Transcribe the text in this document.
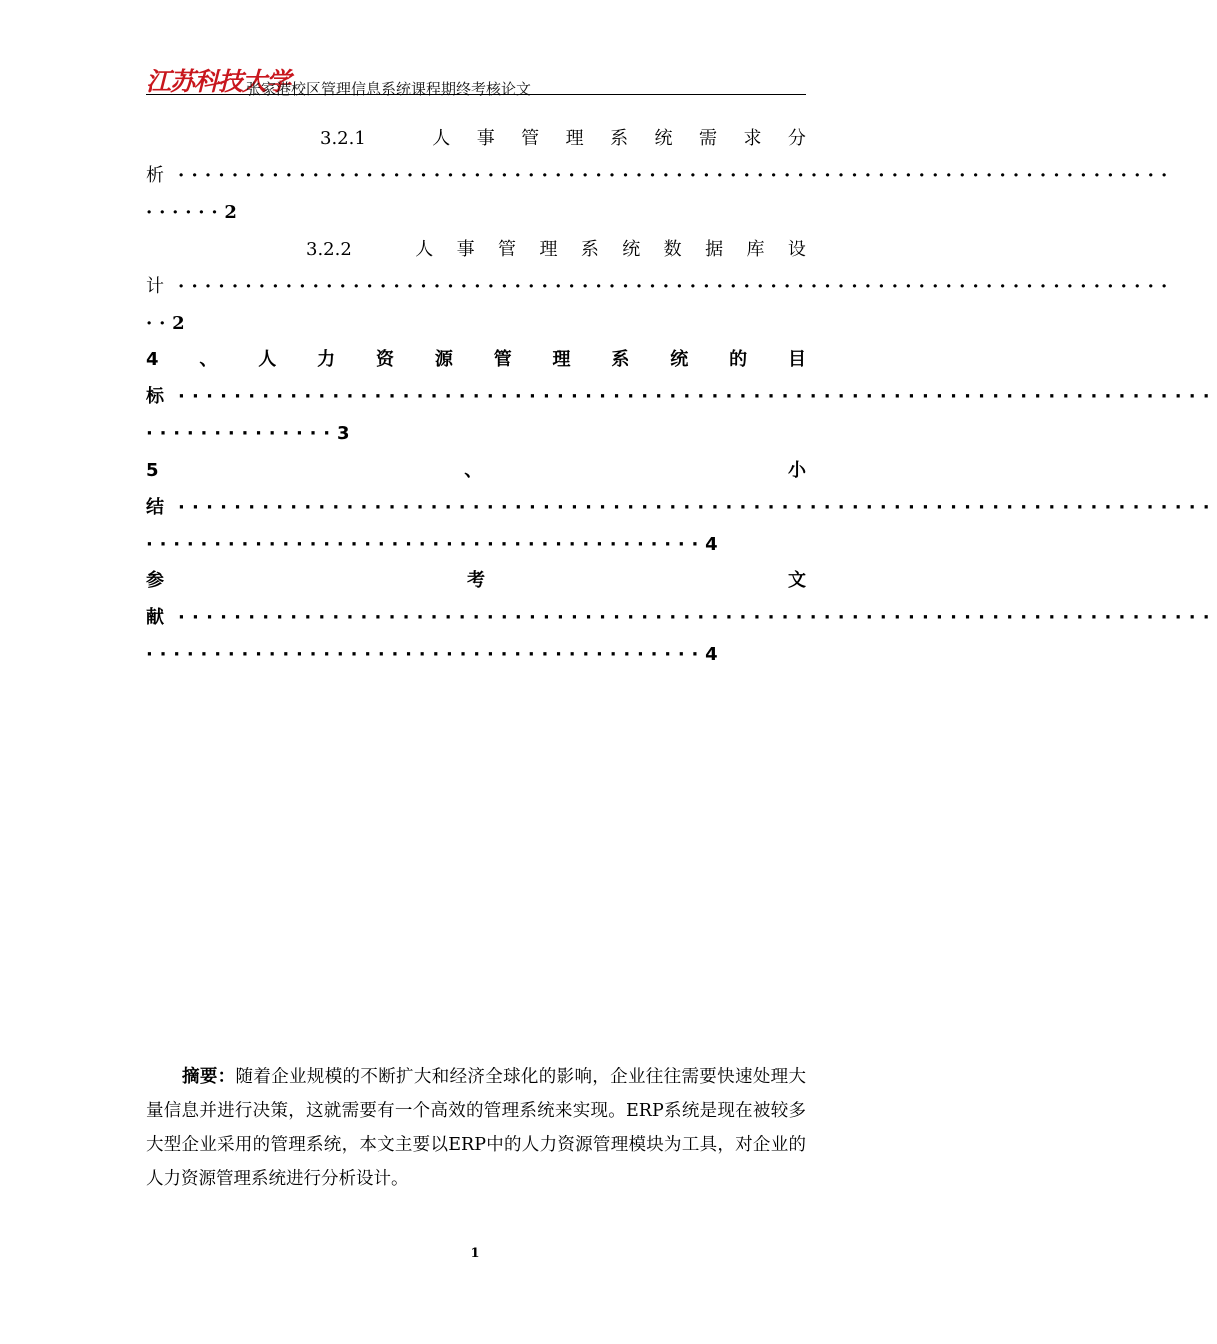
江苏科技大学
张家港校区管理信息系统课程期终考核论文
3.2.1	人 事 管 理 系 统 需 求 分
析 ··········································································
······2
3.2.2	人 事 管 理 系 统 数 据 库 设
计 ··········································································
··2
4 、 人 力 资 源 管 理 系 统 的 目
标 ··········································································
··············3
5	、	小
结 ··········································································
·········································4
参	考	文
献 ··········································································
·········································4
摘要：随着企业规模的不断扩大和经济全球化的影响，企业往往需要快速处理大量信息并进行决策，这就需要有一个高效的管理系统来实现。ERP系统是现在被较多大型企业采用的管理系统，本文主要以ERP中的人力资源管理模块为工具，对企业的人力资源管理系统进行分析设计。
1
